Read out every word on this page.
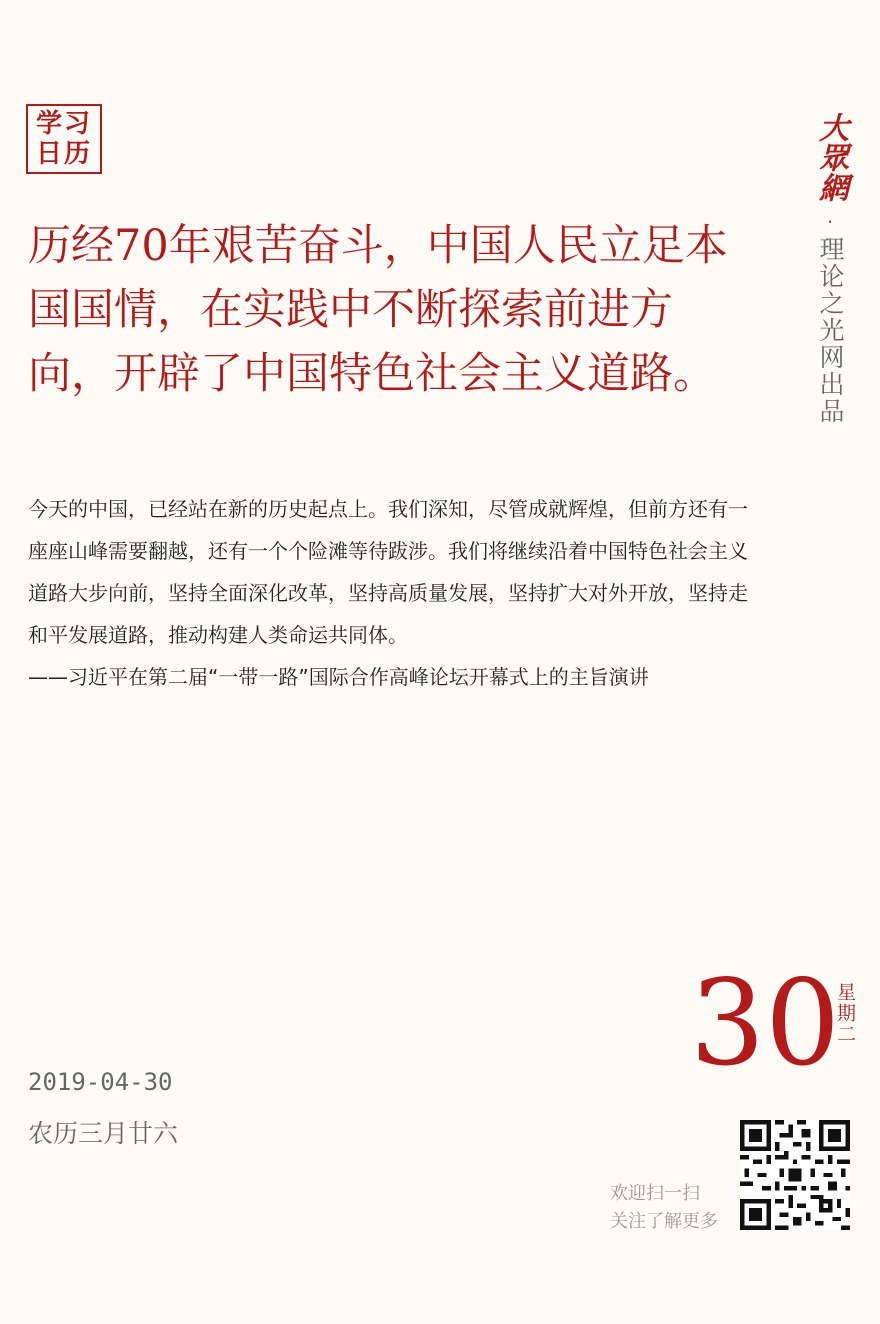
学习
日历	大眾網
·
理论之光网出品
历经70年艰苦奋斗，中国人民立足本国国情，在实践中不断探索前进方向，开辟了中国特色社会主义道路。

今天的中国，已经站在新的历史起点上。我们深知，尽管成就辉煌，但前方还有一座座山峰需要翻越，还有一个个险滩等待跋涉。我们将继续沿着中国特色社会主义道路大步向前，坚持全面深化改革，坚持高质量发展，坚持扩大对外开放，坚持走和平发展道路，推动构建人类命运共同体。

——习近平在第二届“一带一路”国际合作高峰论坛开幕式上的主旨演讲

30
星期二
2019-04-30
农历三月廿六
欢迎扫一扫
关注了解更多
